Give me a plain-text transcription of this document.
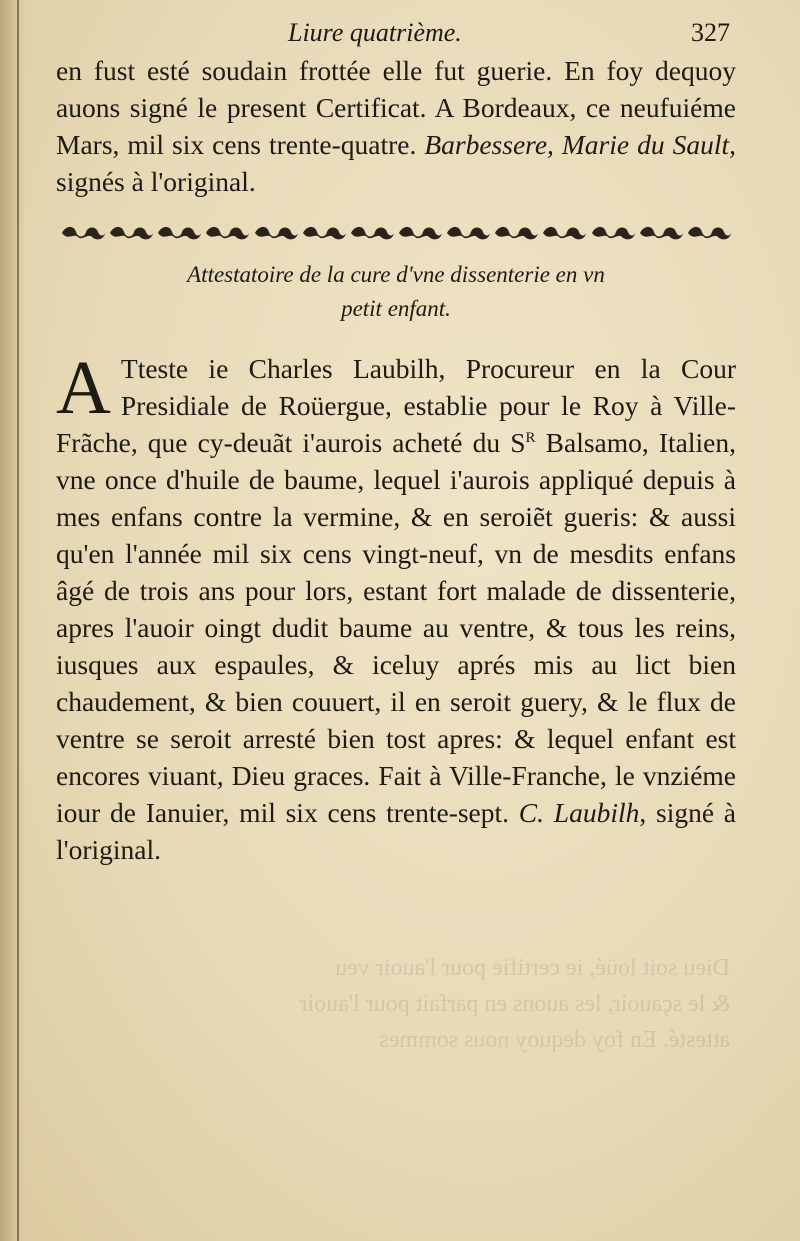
Liure quatrième.	327
en fust esté soudain frottée elle fut guerie. En foy dequoy auons signé le present Certificat. A Bordeaux, ce neufuiéme Mars, mil six cens trente-quatre. Barbessere, Marie du Sault, signés à l'original.
Attestatoire de la cure d'vne dissenterie en vn
petit enfant.
A Tteste ie Charles Laubilh, Procureur en la Cour Presidiale de Roüergue, establie pour le Roy à Ville-Frãche, que cy-deuãt i'aurois acheté du $S^R$ Balsamo, Italien, vne once d'huile de baume, lequel i'aurois appliqué depuis à mes enfans contre la vermine, & en seroiẽt gueris: & aussi qu'en l'année mil six cens vingt-neuf, vn de mesdits enfans âgé de trois ans pour lors, estant fort malade de dissenterie, apres l'auoir oingt dudit baume au ventre, & tous les reins, iusques aux espaules, & iceluy aprés mis au lict bien chaudement, & bien couuert, il en seroit guery, & le flux de ventre se seroit arresté bien tost apres: & lequel enfant est encores viuant, Dieu graces. Fait à Ville-Franche, le vnziéme iour de Ianuier, mil six cens trente-sept. C. Laubilh, signé à l'original.
Dieu soit loüé, ie certifie pour l'auoir veu
& le sçauoir, les auons en parfait pour l'auoir
attesté. En foy dequoy nous sommes
